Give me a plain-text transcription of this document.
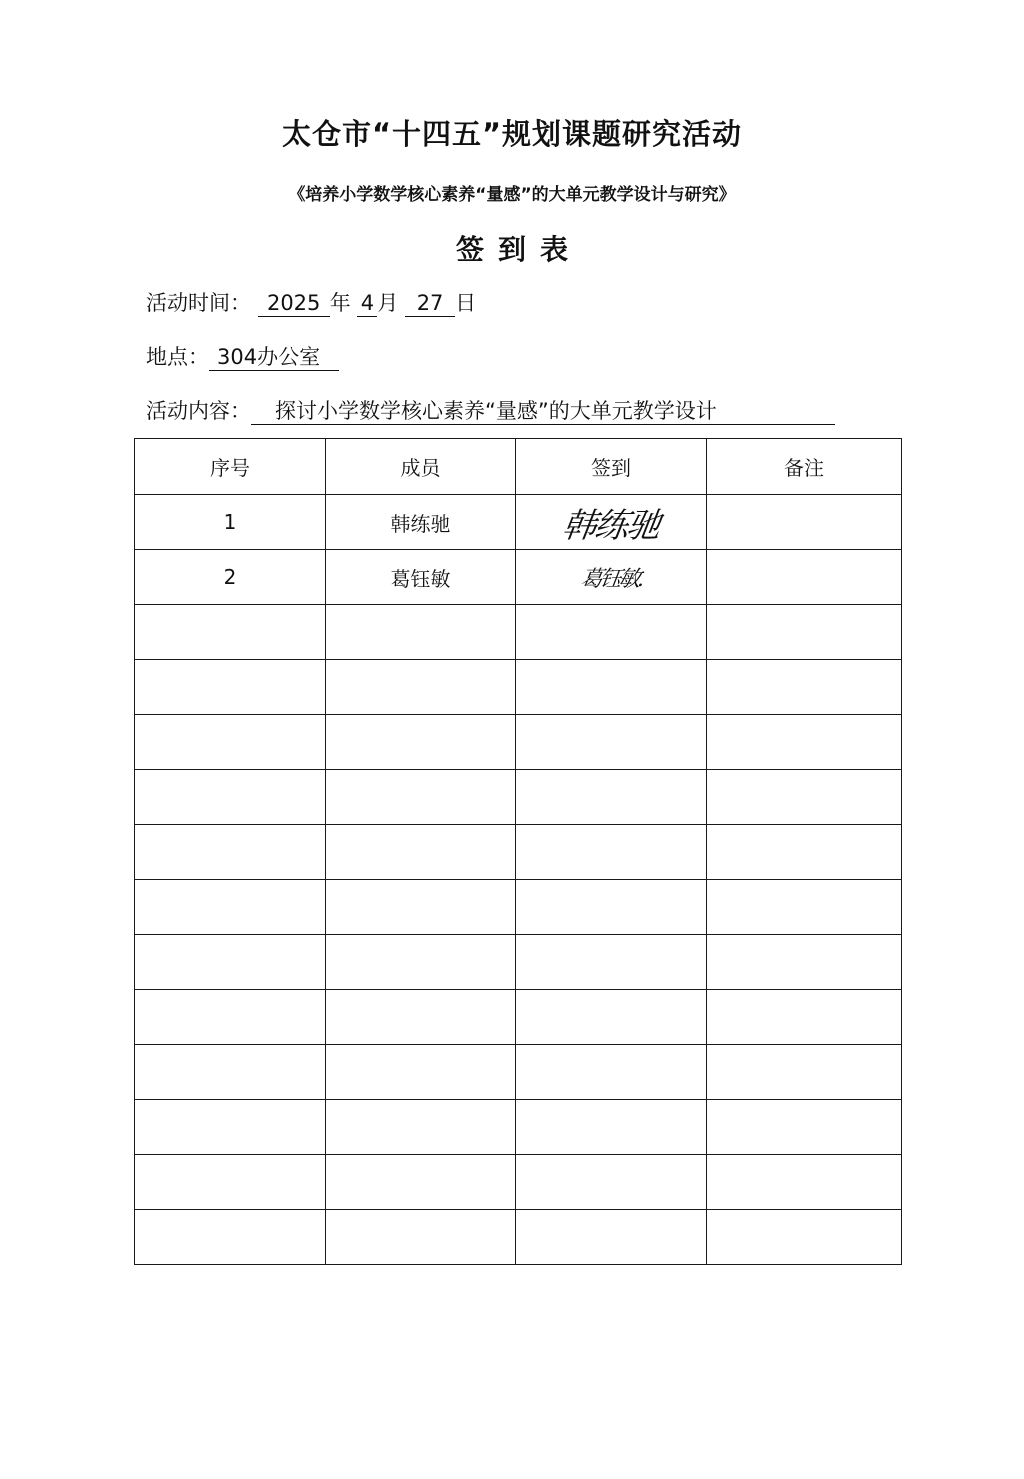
太仓市“十四五”规划课题研究活动
《培养小学数学核心素养“量感”的大单元教学设计与研究》
签到表
活动时间： 2025 年 4 月 27 日
地点： 304办公室
活动内容： 探讨小学数学核心素养“量感”的大单元教学设计
序号	成员	签到	备注
1	韩练驰	韩练驰	
2	葛钰敏	葛钰敏.	
